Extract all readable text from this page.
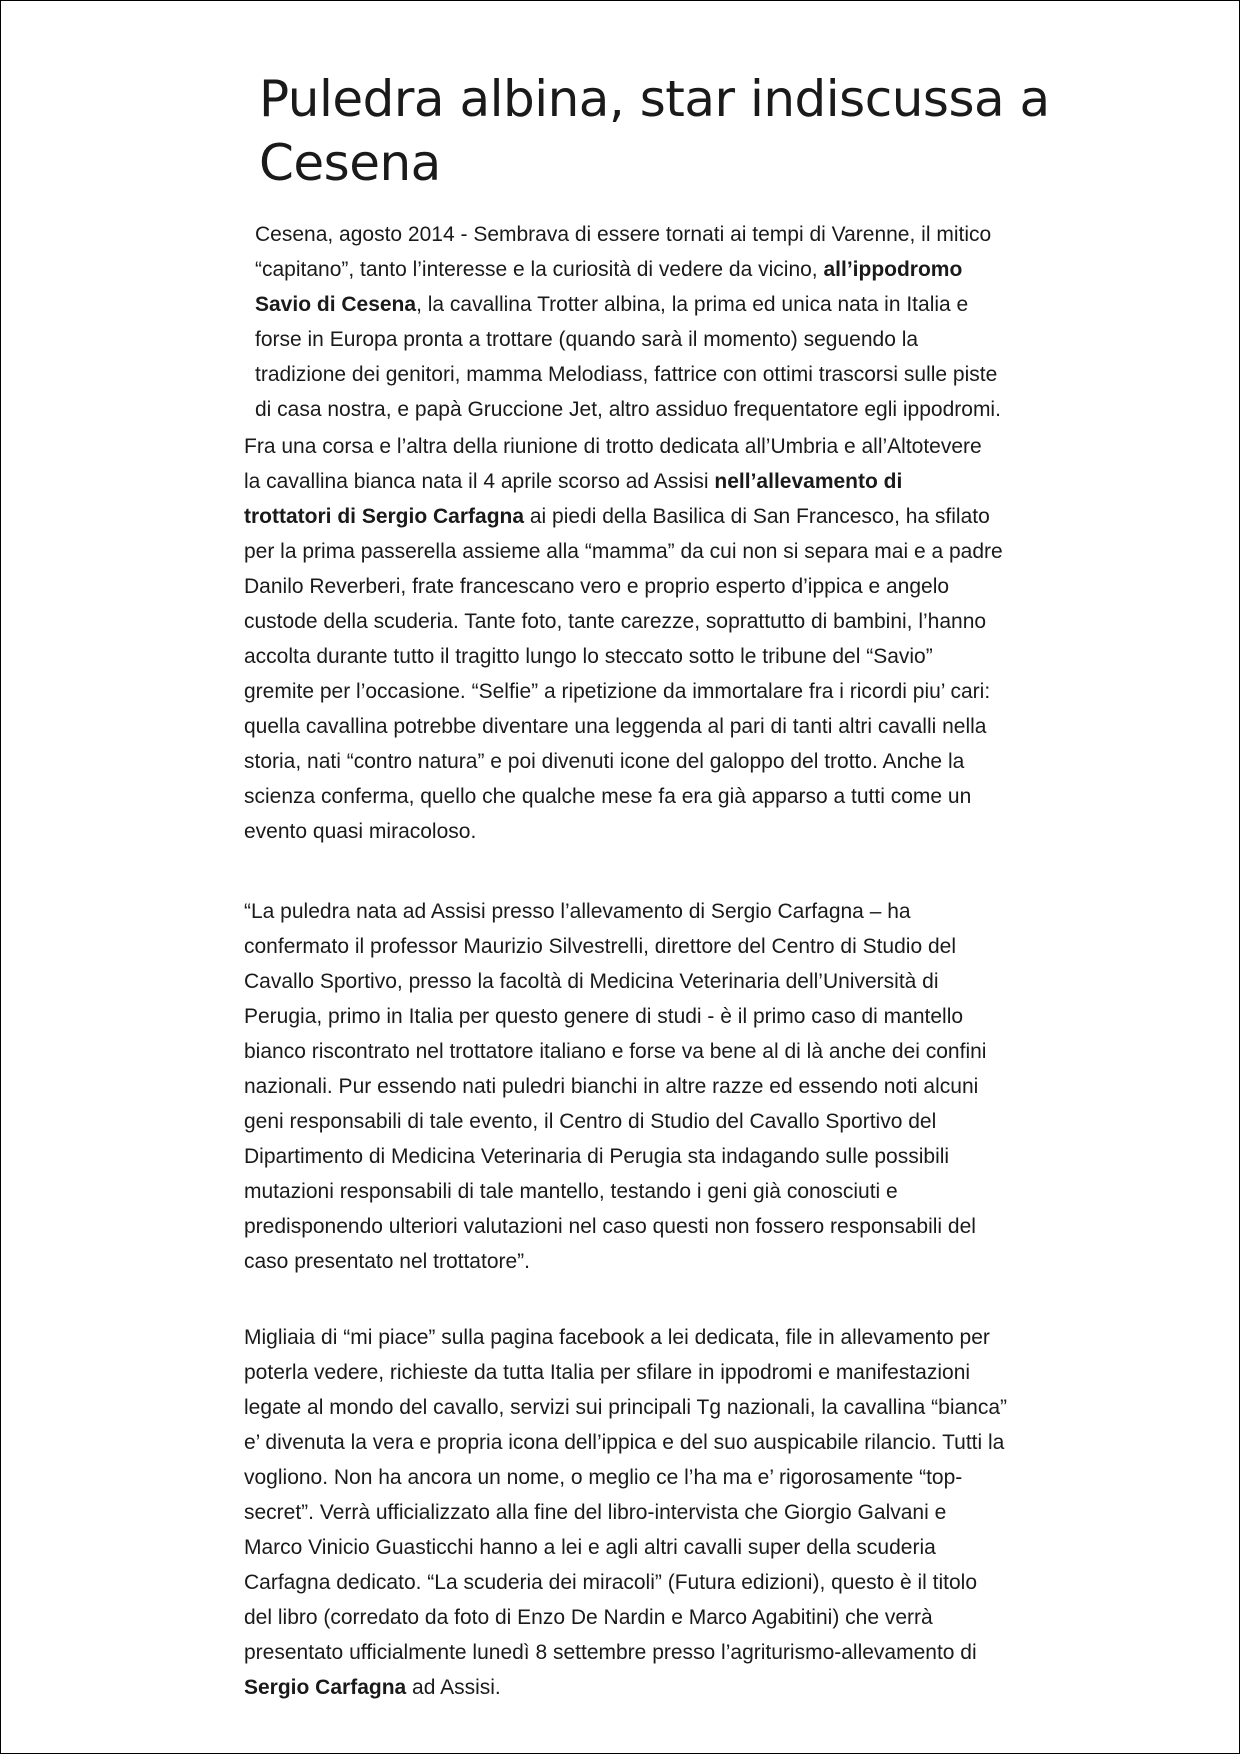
Puledra albina, star indiscussa a Cesena

Cesena, agosto 2014 - Sembrava di essere tornati ai tempi di Varenne, il mitico
“capitano”, tanto l’interesse e la curiosità di vedere da vicino, all’ippodromo
Savio di Cesena, la cavallina Trotter albina, la prima ed unica nata in Italia e
forse in Europa pronta a trottare (quando sarà il momento) seguendo la
tradizione dei genitori, mamma Melodiass, fattrice con ottimi trascorsi sulle piste
di casa nostra, e papà Gruccione Jet, altro assiduo frequentatore egli ippodromi.

Fra una corsa e l’altra della riunione di trotto dedicata all’Umbria e all’Altotevere
la cavallina bianca nata il 4 aprile scorso ad Assisi nell’allevamento di
trottatori di Sergio Carfagna ai piedi della Basilica di San Francesco, ha sfilato
per la prima passerella assieme alla “mamma” da cui non si separa mai e a padre
Danilo Reverberi, frate francescano vero e proprio esperto d’ippica e angelo
custode della scuderia. Tante foto, tante carezze, soprattutto di bambini, l’hanno
accolta durante tutto il tragitto lungo lo steccato sotto le tribune del “Savio”
gremite per l’occasione. “Selfie” a ripetizione da immortalare fra i ricordi piu’ cari:
quella cavallina potrebbe diventare una leggenda al pari di tanti altri cavalli nella
storia, nati “contro natura” e poi divenuti icone del galoppo del trotto. Anche la
scienza conferma, quello che qualche mese fa era già apparso a tutti come un
evento quasi miracoloso.

“La puledra nata ad Assisi presso l’allevamento di Sergio Carfagna – ha
confermato il professor Maurizio Silvestrelli, direttore del Centro di Studio del
Cavallo Sportivo, presso la facoltà di Medicina Veterinaria dell’Università di
Perugia, primo in Italia per questo genere di studi - è il primo caso di mantello
bianco riscontrato nel trottatore italiano e forse va bene al di là anche dei confini
nazionali. Pur essendo nati puledri bianchi in altre razze ed essendo noti alcuni
geni responsabili di tale evento, il Centro di Studio del Cavallo Sportivo del
Dipartimento di Medicina Veterinaria di Perugia sta indagando sulle possibili
mutazioni responsabili di tale mantello, testando i geni già conosciuti e
predisponendo ulteriori valutazioni nel caso questi non fossero responsabili del
caso presentato nel trottatore”.

Migliaia di “mi piace” sulla pagina facebook a lei dedicata, file in allevamento per
poterla vedere, richieste da tutta Italia per sfilare in ippodromi e manifestazioni
legate al mondo del cavallo, servizi sui principali Tg nazionali, la cavallina “bianca”
e’ divenuta la vera e propria icona dell’ippica e del suo auspicabile rilancio. Tutti la
vogliono. Non ha ancora un nome, o meglio ce l’ha ma e’ rigorosamente “top-
secret”. Verrà ufficializzato alla fine del libro-intervista che Giorgio Galvani e
Marco Vinicio Guasticchi hanno a lei e agli altri cavalli super della scuderia
Carfagna dedicato. “La scuderia dei miracoli” (Futura edizioni), questo è il titolo
del libro (corredato da foto di Enzo De Nardin e Marco Agabitini) che verrà
presentato ufficialmente lunedì 8 settembre presso l’agriturismo-allevamento di
Sergio Carfagna ad Assisi.
